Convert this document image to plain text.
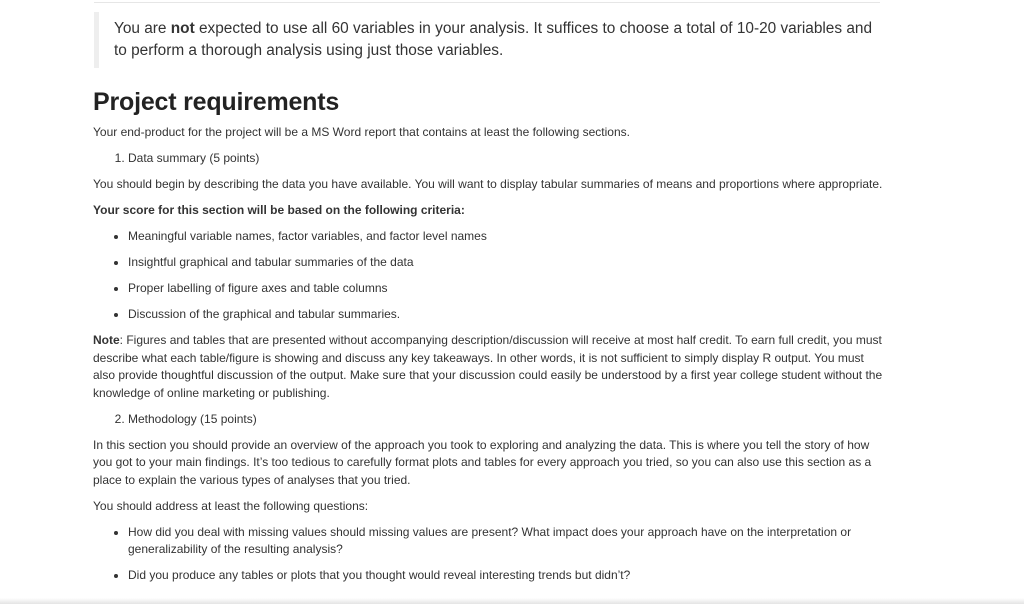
You are not expected to use all 60 variables in your analysis. It suffices to choose a total of 10-20 variables and to perform a thorough analysis using just those variables.
Project requirements

Your end-product for the project will be a MS Word report that contains at least the following sections.

1. Data summary (5 points)

You should begin by describing the data you have available. You will want to display tabular summaries of means and proportions where appropriate.

Your score for this section will be based on the following criteria:

• Meaningful variable names, factor variables, and factor level names
• Insightful graphical and tabular summaries of the data
• Proper labelling of figure axes and table columns
• Discussion of the graphical and tabular summaries.

Note: Figures and tables that are presented without accompanying description/discussion will receive at most half credit. To earn full credit, you must describe what each table/figure is showing and discuss any key takeaways. In other words, it is not sufficient to simply display R output. You must also provide thoughtful discussion of the output. Make sure that your discussion could easily be understood by a first year college student without the knowledge of online marketing or publishing.

2. Methodology (15 points)

In this section you should provide an overview of the approach you took to exploring and analyzing the data. This is where you tell the story of how you got to your main findings. It’s too tedious to carefully format plots and tables for every approach you tried, so you can also use this section as a place to explain the various types of analyses that you tried.

You should address at least the following questions:

• How did you deal with missing values should missing values are present? What impact does your approach have on the interpretation or generalizability of the resulting analysis?
• Did you produce any tables or plots that you thought would reveal interesting trends but didn’t?
